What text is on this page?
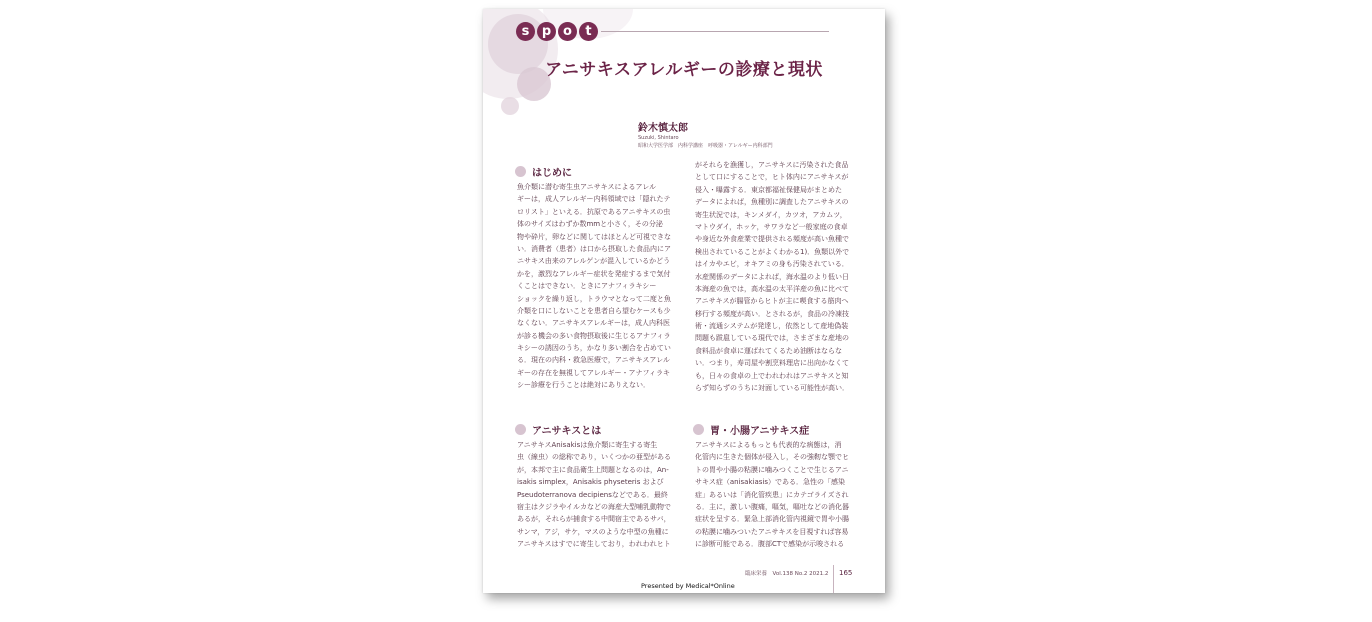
s p o	t
アニサキスアレルギーの診療と現状
鈴木慎太郎
Suzuki, Shintaro
昭和大学医学部　内科学講座　呼吸器・アレルギー内科部門
はじめに
魚介類に潜む寄生虫アニサキスによるアレル
ギーは，成人アレルギー内科領域では「隠れたテ
ロリスト」といえる．抗原であるアニサキスの虫
体のサイズはわずか数mmと小さく，その分泌
物や砕片，卵などに関してはほとんど可視できな
い．消費者（患者）は口から摂取した食品内にア
ニサキス由来のアレルゲンが混入しているかどう
かを，激烈なアレルギー症状を発症するまで気付
くことはできない．ときにアナフィラキシー
ショックを繰り返し，トラウマとなって二度と魚
介類を口にしないことを患者自ら望むケースも少
なくない．アニサキスアレルギーは，成人内科医
が診る機会の多い食物摂取後に生じるアナフィラ
キシーの誘因のうち，かなり多い割合を占めてい
る．現在の内科・救急医療で，アニサキスアレル
ギーの存在を無視してアレルギー・アナフィラキ
シー診療を行うことは絶対にありえない．
アニサキスとは
アニサキスAnisakisは魚介類に寄生する寄生
虫（線虫）の総称であり，いくつかの亜型がある
が，本邦で主に食品衛生上問題となるのは，An-
isakis simplex，Anisakis physeteris および
Pseudoterranova decipiensなどである．最終
宿主はクジラやイルカなどの海産大型哺乳動物で
あるが，それらが捕食する中間宿主であるサバ，
サンマ，アジ，サケ，マスのような中型の魚種に
アニサキスはすでに寄生しており，われわれヒト
がそれらを漁獲し，アニサキスに汚染された食品
として口にすることで，ヒト体内にアニサキスが
侵入・曝露する．東京都福祉保健局がまとめた
データによれば，魚種別に調査したアニサキスの
寄生状況では，キンメダイ，カツオ，アカムツ，
マトウダイ，ホッケ，サワラなど一般家庭の食卓
や身近な外食産業で提供される頻度が高い魚種で
検出されていることがよくわかる1)．魚類以外で
はイカやエビ，オキアミの身も汚染されている．
水産関係のデータによれば，海水温のより低い日
本海産の魚では，高水温の太平洋産の魚に比べて
アニサキスが腸管からヒトが主に喫食する筋肉へ
移行する頻度が高い．とされるが，食品の冷凍技
術・流通システムが発達し，依然として産地偽装
問題も跋扈している現代では，さまざまな産地の
食料品が食卓に運ばれてくるため油断はならな
い．つまり，寿司屋や割烹料理店に出向かなくて
も，日々の食卓の上でわれわれはアニサキスと知
らず知らずのうちに対面している可能性が高い．
胃・小腸アニサキス症
アニサキスによるもっとも代表的な病態は，消
化管内に生きた個体が侵入し，その強靭な顎でヒ
トの胃や小腸の粘膜に噛みつくことで生じるアニ
サキス症（anisakiasis）である．急性の「感染
症」あるいは「消化管疾患」にカテゴライズされ
る．主に，激しい腹痛，嘔気，嘔吐などの消化器
症状を呈する．緊急上部消化管内視鏡で胃や小腸
の粘膜に噛みついたアニサキスを目視すれば容易
に診断可能である．腹部CTで感染が示唆される
臨床栄養　Vol.138 No.2 2021.2 165
Presented by Medical*Online
